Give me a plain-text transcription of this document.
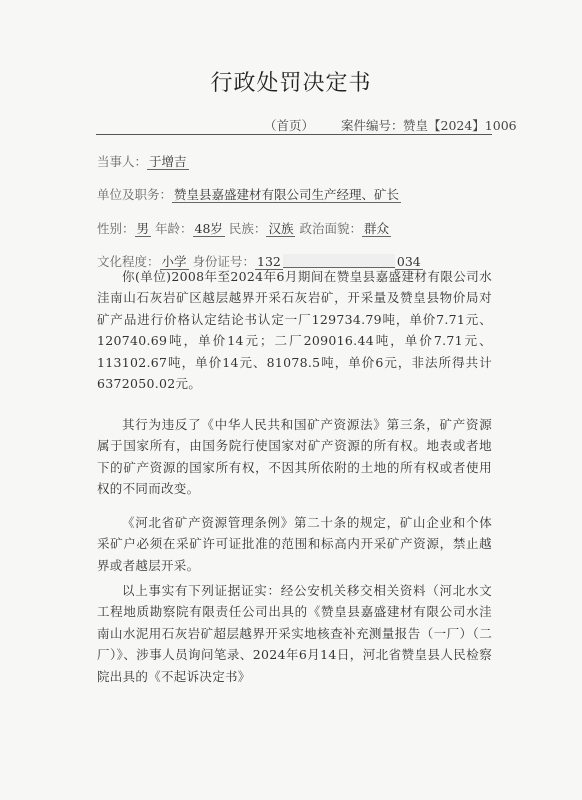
行政处罚决定书
（首页） 案件编号： 赞皇【2024】1006
当事人： 于增吉
单位及职务： 赞皇县嘉盛建材有限公司生产经理、矿长
性别： 男 年龄： 48岁 民族： 汉族 政治面貌： 群众
文化程度： 小学 身份证号： 132	034

你(单位)2008年至2024年6月期间在赞皇县嘉盛建材有限公司水洼南山石灰岩矿区越层越界开采石灰岩矿，开采量及赞皇县物价局对矿产品进行价格认定结论书认定一厂129734.79吨，单价7.71元、120740.69吨，单价14元；二厂209016.44吨，单价7.71元、113102.67吨，单价14元、81078.5吨，单价6元，非法所得共计6372050.02元。

其行为违反了《中华人民共和国矿产资源法》第三条，矿产资源属于国家所有，由国务院行使国家对矿产资源的所有权。地表或者地下的矿产资源的国家所有权，不因其所依附的土地的所有权或者使用权的不同而改变。

《河北省矿产资源管理条例》第二十条的规定，矿山企业和个体采矿户必须在采矿许可证批准的范围和标高内开采矿产资源，禁止越界或者越层开采。

以上事实有下列证据证实：经公安机关移交相关资料（河北水文工程地质勘察院有限责任公司出具的《赞皇县嘉盛建材有限公司水洼南山水泥用石灰岩矿超层越界开采实地核查补充测量报告（一厂）（二厂）》、涉事人员询问笔录、2024年6月14日，河北省赞皇县人民检察院出具的《不起诉决定书》
